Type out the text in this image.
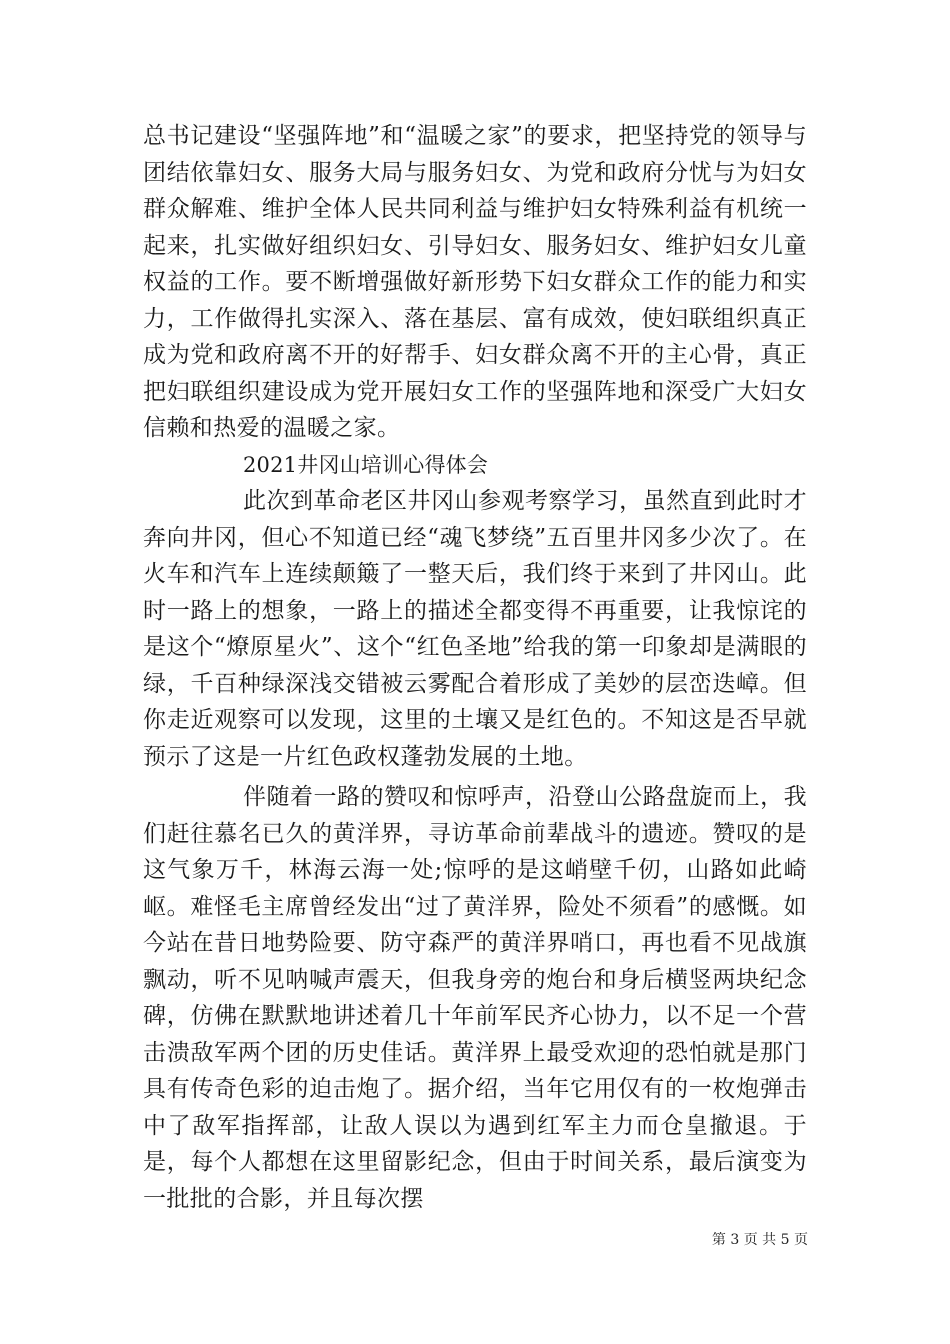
总书记建设“坚强阵地”和“温暖之家”的要求，把坚持党的领导与团结依靠妇女、服务大局与服务妇女、为党和政府分忧与为妇女群众解难、维护全体人民共同利益与维护妇女特殊利益有机统一起来，扎实做好组织妇女、引导妇女、服务妇女、维护妇女儿童权益的工作。要不断增强做好新形势下妇女群众工作的能力和实力，工作做得扎实深入、落在基层、富有成效，使妇联组织真正成为党和政府离不开的好帮手、妇女群众离不开的主心骨，真正把妇联组织建设成为党开展妇女工作的坚强阵地和深受广大妇女信赖和热爱的温暖之家。

2021井冈山培训心得体会

此次到革命老区井冈山参观考察学习，虽然直到此时才奔向井冈，但心不知道已经“魂飞梦绕”五百里井冈多少次了。在火车和汽车上连续颠簸了一整天后，我们终于来到了井冈山。此时一路上的想象，一路上的描述全都变得不再重要，让我惊诧的是这个“燎原星火”、这个“红色圣地”给我的第一印象却是满眼的绿，千百种绿深浅交错被云雾配合着形成了美妙的层峦迭嶂。但你走近观察可以发现，这里的土壤又是红色的。不知这是否早就预示了这是一片红色政权蓬勃发展的土地。

伴随着一路的赞叹和惊呼声，沿登山公路盘旋而上，我们赶往慕名已久的黄洋界，寻访革命前辈战斗的遗迹。赞叹的是这气象万千，林海云海一处;惊呼的是这峭壁千仞，山路如此崎岖。难怪毛主席曾经发出“过了黄洋界，险处不须看”的感慨。如今站在昔日地势险要、防守森严的黄洋界哨口，再也看不见战旗飘动，听不见呐喊声震天，但我身旁的炮台和身后横竖两块纪念碑，仿佛在默默地讲述着几十年前军民齐心协力，以不足一个营击溃敌军两个团的历史佳话。黄洋界上最受欢迎的恐怕就是那门具有传奇色彩的迫击炮了。据介绍，当年它用仅有的一枚炮弹击中了敌军指挥部，让敌人误以为遇到红军主力而仓皇撤退。于是，每个人都想在这里留影纪念，但由于时间关系，最后演变为一批批的合影，并且每次摆

第 3 页 共 5 页
